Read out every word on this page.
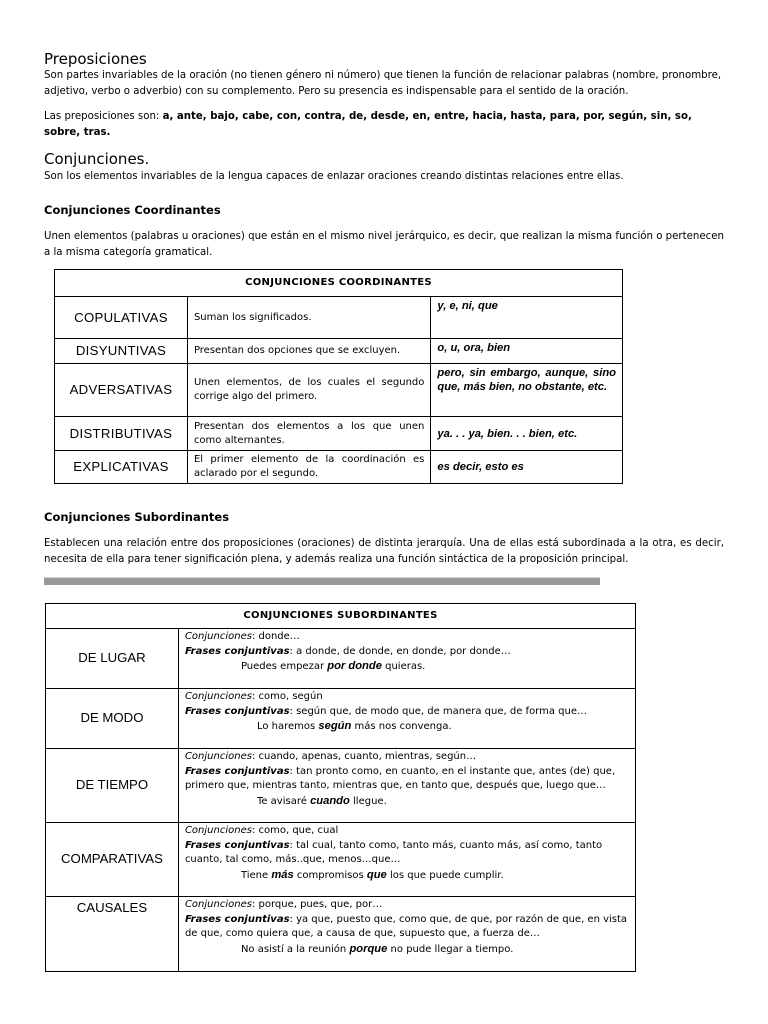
Preposiciones

Son partes invariables de la oración (no tienen género ni número) que tienen la función de relacionar palabras (nombre, pronombre, adjetivo, verbo o adverbio) con su complemento. Pero su presencia es indispensable para el sentido de la oración.

Las preposiciones son: a, ante, bajo, cabe, con, contra, de, desde, en, entre, hacia, hasta, para, por, según, sin, so, sobre, tras.

Conjunciones.

Son los elementos invariables de la lengua capaces de enlazar oraciones creando distintas relaciones entre ellas.

Conjunciones Coordinantes

Unen elementos (palabras u oraciones) que están en el mismo nivel jerárquico, es decir, que realizan la misma función o pertenecen a la misma categoría gramatical.

CONJUNCIONES COORDINANTES		
COPULATIVAS	Suman los significados.	y, e, ni, que
DISYUNTIVAS	Presentan dos opciones que se excluyen.	o, u, ora, bien
ADVERSATIVAS	Unen elementos, de los cuales el segundo corrige algo del primero.	pero, sin embargo, aunque, sino que, más bien, no obstante, etc.
DISTRIBUTIVAS	Presentan dos elementos a los que unen como alternantes.	ya. . . ya, bien. . . bien, etc.
EXPLICATIVAS	El primer elemento de la coordinación es aclarado por el segundo.	es decir, esto es
Conjunciones Subordinantes

Establecen una relación entre dos proposiciones (oraciones) de distinta jerarquía. Una de ellas está subordinada a la otra, es decir, necesita de ella para tener significación plena, y además realiza una función sintáctica de la proposición principal.

CONJUNCIONES SUBORDINANTES	
DE LUGAR	Conjunciones: donde…
Frases conjuntivas: a donde, de donde, en donde, por donde…
Puedes empezar por donde quieras.

DE MODO	Conjunciones: como, según
Frases conjuntivas: según que, de modo que, de manera que, de forma que…
Lo haremos según más nos convenga.

DE TIEMPO	Conjunciones: cuando, apenas, cuanto, mientras, según…
Frases conjuntivas: tan pronto como, en cuanto, en el instante que, antes (de) que, primero que, mientras tanto, mientras que, en tanto que, después que, luego que…
Te avisaré cuando llegue.

COMPARATIVAS	Conjunciones: como, que, cual
Frases conjuntivas: tal cual, tanto como, tanto más, cuanto más, así como, tanto cuanto, tal como, más..que, menos…que…
Tiene más compromisos que los que puede cumplir.

CAUSALES	Conjunciones: porque, pues, que, por…
Frases conjuntivas: ya que, puesto que, como que, de que, por razón de que, en vista de que, como quiera que, a causa de que, supuesto que, a fuerza de…
No asistí a la reunión porque no pude llegar a tiempo.
